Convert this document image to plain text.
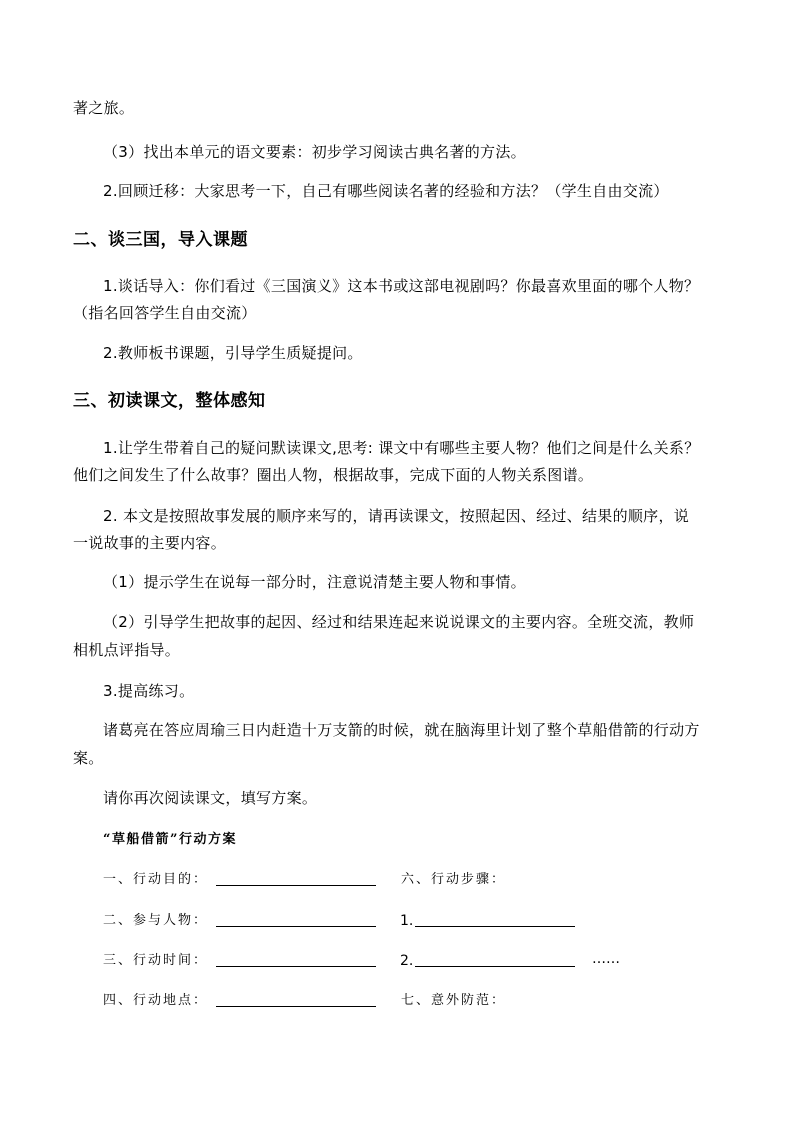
著之旅。
（3）找出本单元的语文要素：初步学习阅读古典名著的方法。
2.回顾迁移：大家思考一下，自己有哪些阅读名著的经验和方法？（学生自由交流）
二、谈三国，导入课题
1.谈话导入：你们看过《三国演义》这本书或这部电视剧吗？你最喜欢里面的哪个人物？
（指名回答学生自由交流）
2.教师板书课题，引导学生质疑提问。
三、初读课文，整体感知
1.让学生带着自己的疑问默读课文,思考: 课文中有哪些主要人物？他们之间是什么关系？
他们之间发生了什么故事？圈出人物，根据故事，完成下面的人物关系图谱。
2. 本文是按照故事发展的顺序来写的，请再读课文，按照起因、经过、结果的顺序，说
一说故事的主要内容。
（1）提示学生在说每一部分时，注意说清楚主要人物和事情。
（2）引导学生把故事的起因、经过和结果连起来说说课文的主要内容。全班交流，教师
相机点评指导。
3.提高练习。
诸葛亮在答应周瑜三日内赶造十万支箭的时候，就在脑海里计划了整个草船借箭的行动方
案。
请你再次阅读课文，填写方案。
“草船借箭”行动方案
一、行动目的：	六、行动步骤：
二、参与人物：	1.
三、行动时间：	2.	……
四、行动地点：	七、意外防范：
